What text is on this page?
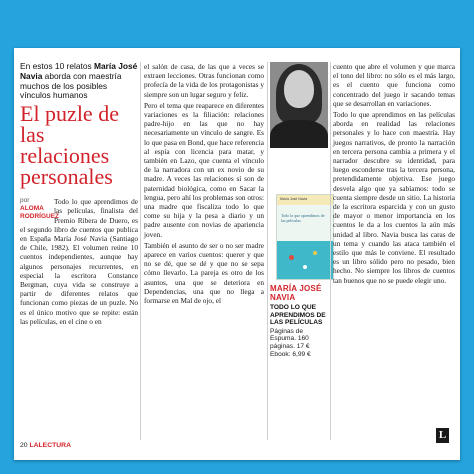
En estos 10 relatos María José Navia aborda con maestría muchos de los posibles vínculos humanos

El puzle de las relaciones personales
por ALOMA RODRÍGUEZ

Todo lo que aprendimos de las películas, finalista del Premio Ribera de Duero, es el segundo libro de cuentos que publica en España María José Navia (Santiago de Chile, 1982). El volumen reúne 10 cuentos independientes, aunque hay algunos personajes recurrentes, en especial la escritora Constance Bergman, cuya vida se construye a partir de diferentes relatos que funcionan como piezas de un puzle. No es el único motivo que se repite: están las películas, en el cine o en

el salón de casa, de las que a veces se extraen lecciones. Otras funcionan como profecía de la vida de los protagonistas y siempre son un lugar seguro y feliz.

Pero el tema que reaparece en diferentes variaciones es la filiación: relaciones padre-hijo en las que no hay necesariamente un vínculo de sangre. Es lo que pasa en Bond, que hace referencia al espía con licencia para matar, y también en Lazo, que cuenta el vínculo de la narradora con un ex novio de su madre. A veces las relaciones sí son de paternidad biológica, como en Sacar la lengua, pero ahí los problemas son otros: una madre que fiscaliza todo lo que come su hija y la pesa a diario y un padre ausente con novias de apariencia joven.

También el asunto de ser o no ser madre aparece en varios cuentos: querer y que no se dé, que se dé y que no se sepa cómo llevarlo. La pareja es otro de los asuntos, una que se deteriora en Dependencias, una que no llega a formarse en Mal de ojo, el

María José Navia
Todo lo que aprendimos de las películas

MARÍA JOSÉ NAVIA

TODO LO QUE APRENDIMOS DE LAS PELÍCULAS

Páginas de Espuma. 160 páginas. 17 €

Ebook: 6,99 €

cuento que abre el volumen y que marca el tono del libro: no sólo es el más largo, es el cuento que funciona como concentrado del juego ir sacando temas que se desarrollan en variaciones.

Todo lo que aprendimos en las películas aborda en realidad las relaciones personales y lo hace con maestría. Hay juegos narrativos, de pronto la narración en tercera persona cambia a primera y el narrador descubre su identidad, para luego esconderse tras la tercera persona, pretendidamente objetiva. Ese juego desvela algo que ya sabíamos: todo se cuenta siempre desde un sitio. La historia de la escritora esparcida y con un gusto de mayor o menor importancia en los cuentos le da a los cuentos la aún más unidad al libro. Navia busca las caras de un tema y cuando las ataca también el estilo que más le conviene. El resultado es un libro sólido pero no pesado, bien hecho. No siempre los libros de cuentos tan buenos que no se puede elegir uno.

20 LALECTURA
L
